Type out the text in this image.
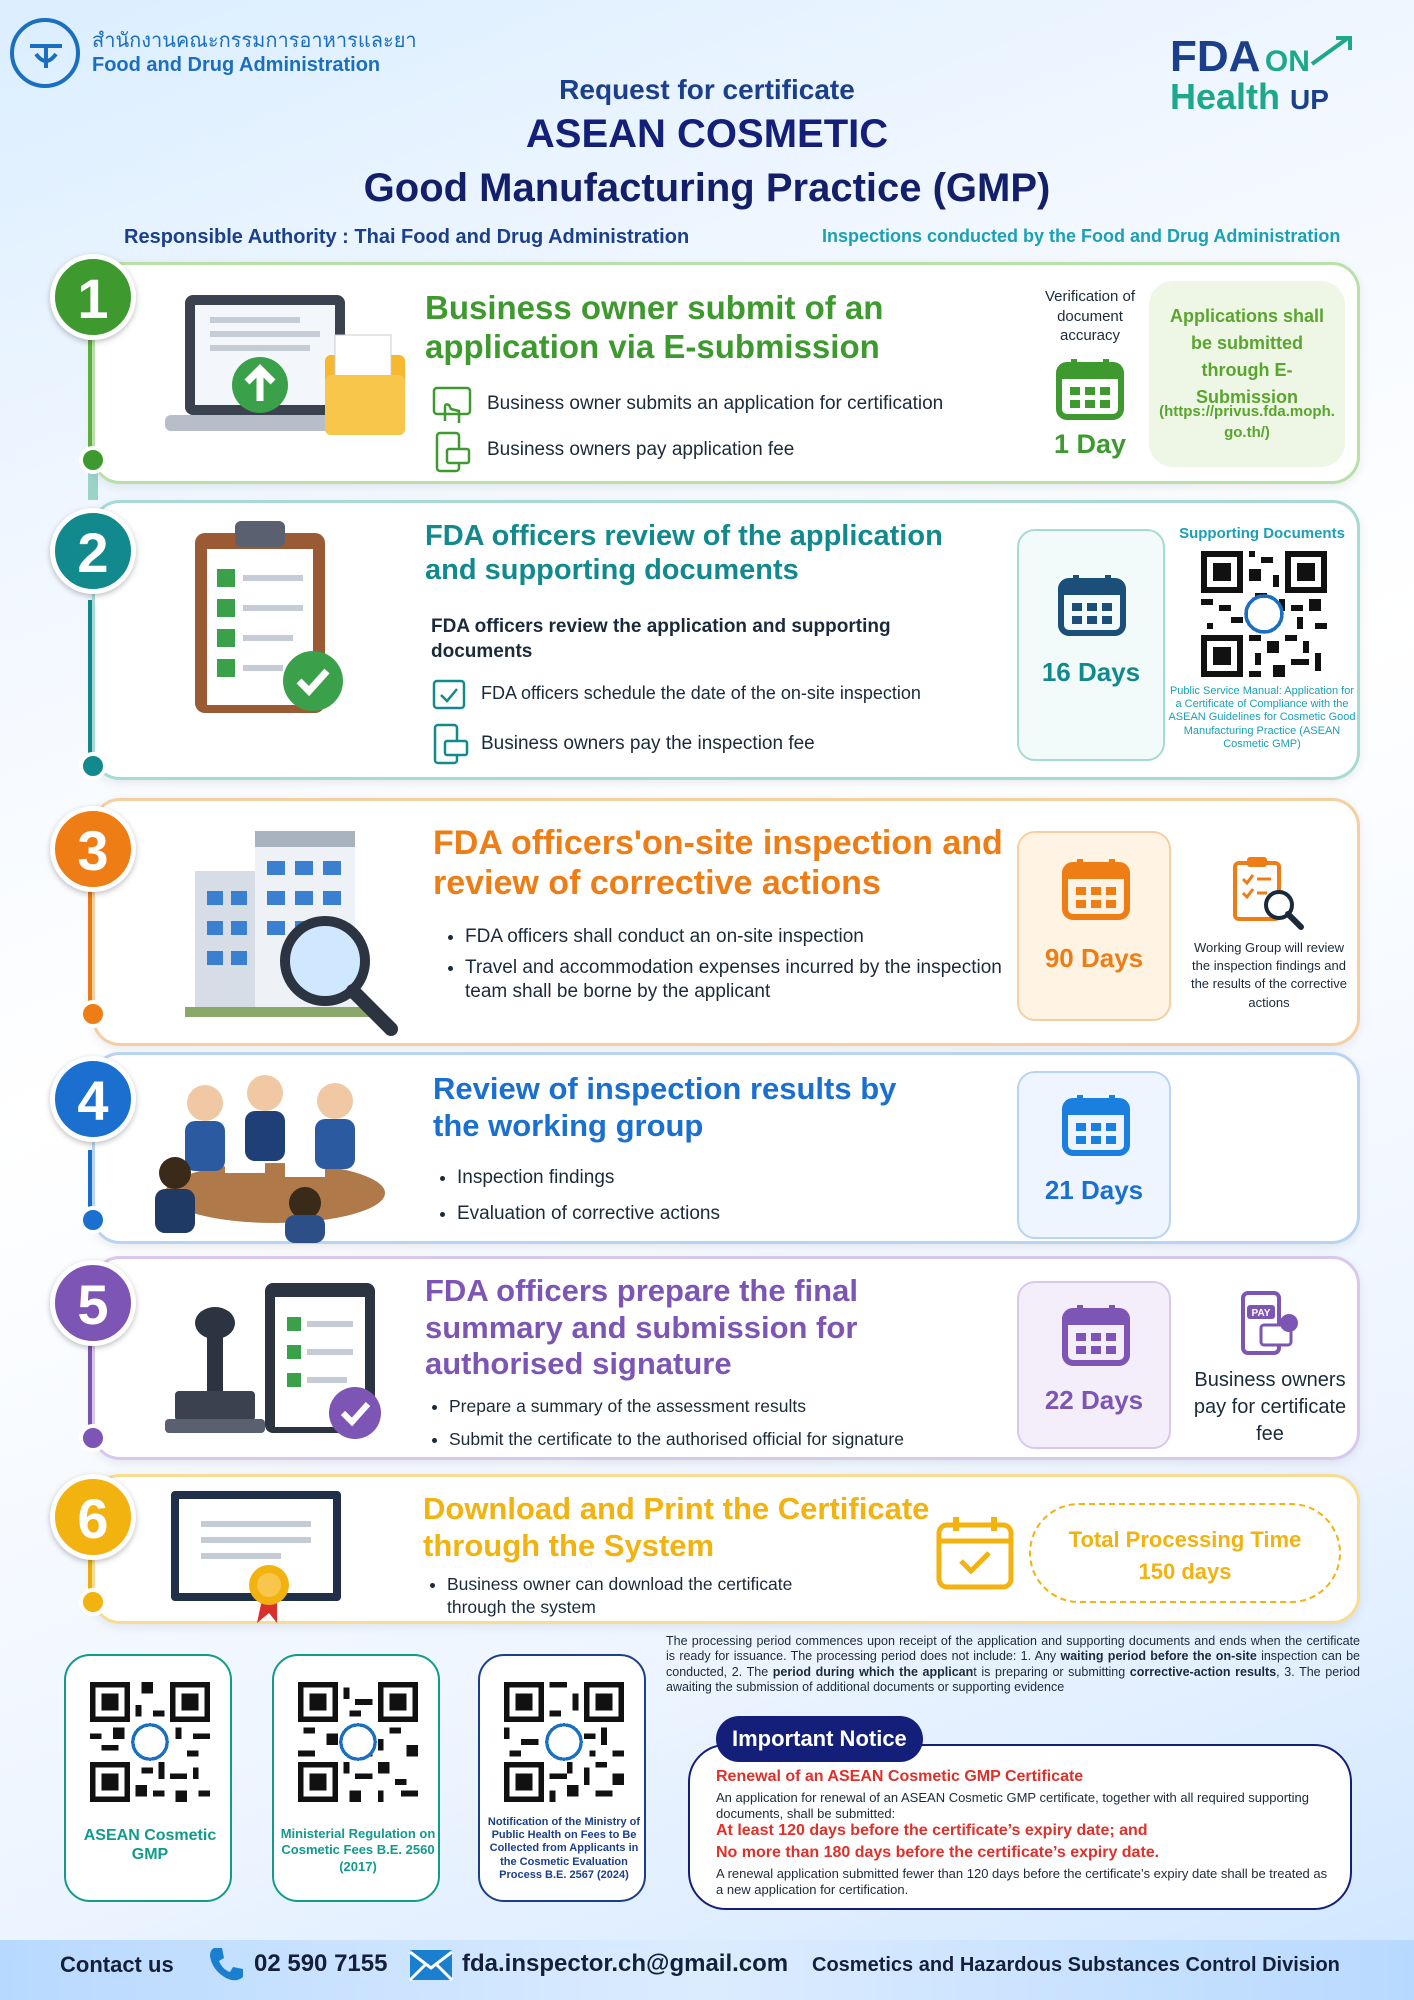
สำนักงานคณะกรรมการอาหารและยา
Food and Drug Administration	FDA ON
Health UP
Request for certificate
ASEAN COSMETIC
Good Manufacturing Practice (GMP)
Responsible Authority : Thai Food and Drug Administration	Inspections conducted by the Food and Drug Administration
Business owner submit of an application via E-submission
Business owner submits an application for certification
Business owners pay application fee
Verification of document accuracy
1 Day
Applications shall be submitted through E-Submission
(https://privus.fda.moph.go.th/)
1
FDA officers review of the application and supporting documents
FDA officers review the application and supporting documents
FDA officers schedule the date of the on-site inspection
Business owners pay the inspection fee
16 Days
Supporting Documents
Public Service Manual: Application for a Certificate of Compliance with the ASEAN Guidelines for Cosmetic Good Manufacturing Practice (ASEAN Cosmetic GMP)
2
FDA officers'on-site inspection and review of corrective actions
• FDA officers shall conduct an on-site inspection
• Travel and accommodation expenses incurred by the inspection team shall be borne by the applicant
90 Days	Working Group will review the inspection findings and the results of the corrective actions
3
Review of inspection results by the working group
• Inspection findings
• Evaluation of corrective actions
21 Days
4
FDA officers prepare the final summary and submission for authorised signature
• Prepare a summary of the assessment results
• Submit the certificate to the authorised official for signature
22 Days
PAY
Business owners pay for certificate fee
5
Download and Print the Certificate through the System
• Business owner can download the certificate through the system
Total Processing Time
150 days
6
ASEAN Cosmetic GMP
Ministerial Regulation on Cosmetic Fees B.E. 2560 (2017)
Notification of the Ministry of Public Health on Fees to Be Collected from Applicants in the Cosmetic Evaluation Process B.E. 2567 (2024)
The processing period commences upon receipt of the application and supporting documents and ends when the certificate is ready for issuance. The processing period does not include: 1. Any waiting period before the on-site inspection can be conducted, 2. The period during which the applicant is preparing or submitting corrective-action results, 3. The period awaiting the submission of additional documents or supporting evidence
Renewal of an ASEAN Cosmetic GMP Certificate
An application for renewal of an ASEAN Cosmetic GMP certificate, together with all required supporting documents, shall be submitted:
At least 120 days before the certificate’s expiry date; and
No more than 180 days before the certificate’s expiry date.
A renewal application submitted fewer than 120 days before the certificate’s expiry date shall be treated as a new application for certification.
Important Notice
Contact us	02 590 7155	fda.inspector.ch@gmail.com Cosmetics and Hazardous Substances Control Division
